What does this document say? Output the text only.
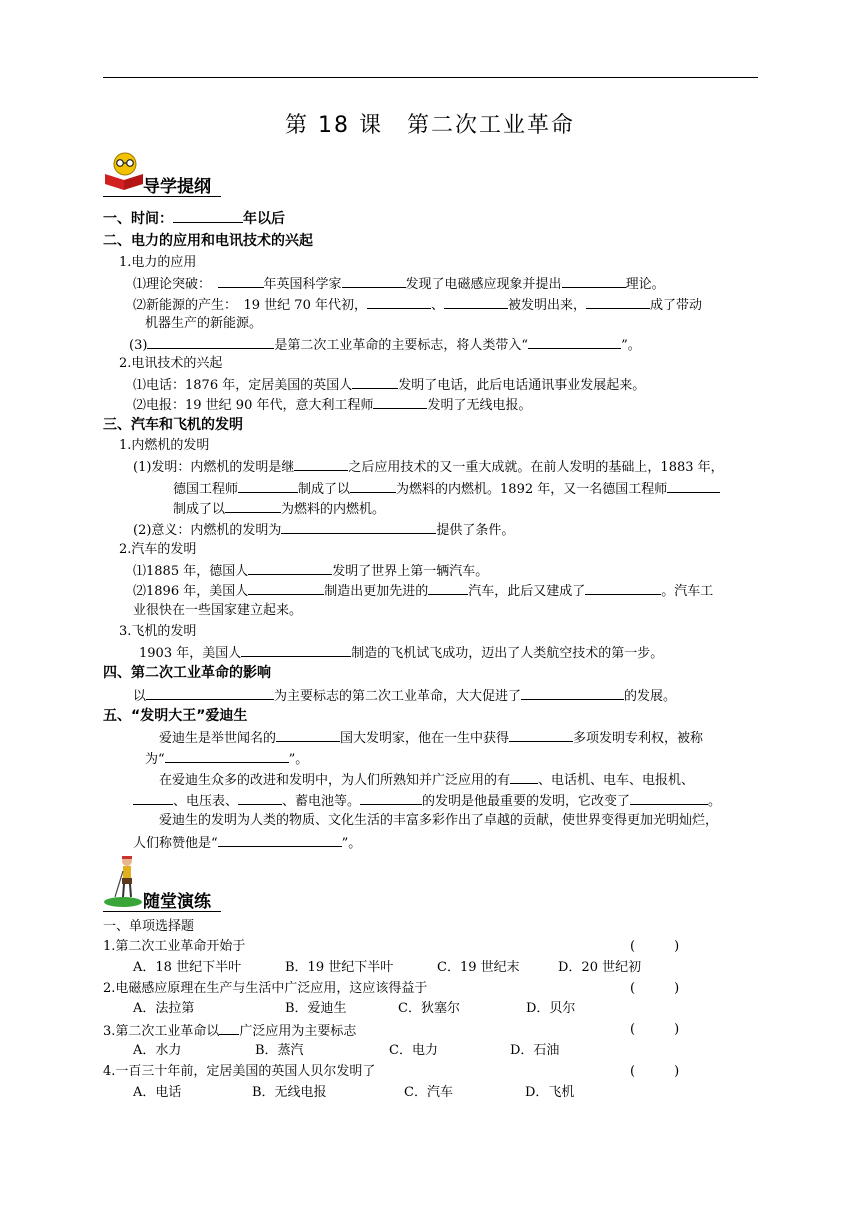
第 18 课　第二次工业革命
导学提纲
一、时间：	年以后
二、电力的应用和电讯技术的兴起
1.电力的应用
⑴理论突破：　	年英国科学家	发现了电磁感应现象并提出	理论。
⑵新能源的产生：　19 世纪 70 年代初，	、	被发明出来，	成了带动
机器生产的新能源。
(3)	是第二次工业革命的主要标志，将人类带入“	”。
2.电讯技术的兴起
⑴电话：1876 年，定居美国的英国人	发明了电话，此后电话通讯事业发展起来。
⑵电报：19 世纪 90 年代，意大利工程师	发明了无线电报。
三、汽车和飞机的发明
1.内燃机的发明
(1)发明：内燃机的发明是继	之后应用技术的又一重大成就。在前人发明的基础上，1883 年，
德国工程师	制成了以	为燃料的内燃机。1892 年，又一名德国工程师
制成了以	为燃料的内燃机。
(2)意义：内燃机的发明为	提供了条件。
2.汽车的发明
⑴1885 年，德国人	发明了世界上第一辆汽车。
⑵1896 年，美国人	制造出更加先进的	汽车，此后又建成了	。汽车工
业很快在一些国家建立起来。
3.飞机的发明
1903 年，美国人	制造的飞机试飞成功，迈出了人类航空技术的第一步。
四、第二次工业革命的影响
以	为主要标志的第二次工业革命，大大促进了	的发展。
五、“发明大王”爱迪生
爱迪生是举世闻名的	国大发明家，他在一生中获得	多项发明专利权，被称
为“	”。
在爱迪生众多的改进和发明中，为人们所熟知并广泛应用的有 、电话机、电车、电报机、
、电压表、	、蓄电池等。	的发明是他最重要的发明，它改变了	。
爱迪生的发明为人类的物质、文化生活的丰富多彩作出了卓越的贡献，使世界变得更加光明灿烂，
人们称赞他是“	”。
随堂演练
一、单项选择题
1.第二次工业革命开始于	(　　　)
A．18 世纪下半叶	B．19 世纪下半叶	C．19 世纪末	D．20 世纪初
2.电磁感应原理在生产与生活中广泛应用，这应该得益于	(　　　)
A．法拉第	B．爱迪生	C．狄塞尔	D．贝尔
3.第二次工业革命以 广泛应用为主要标志	(　　　)
A．水力	B．蒸汽	C．电力	D．石油
4.一百三十年前，定居美国的英国人贝尔发明了	(　　　)
A．电话	B．无线电报	C．汽车	D．飞机
